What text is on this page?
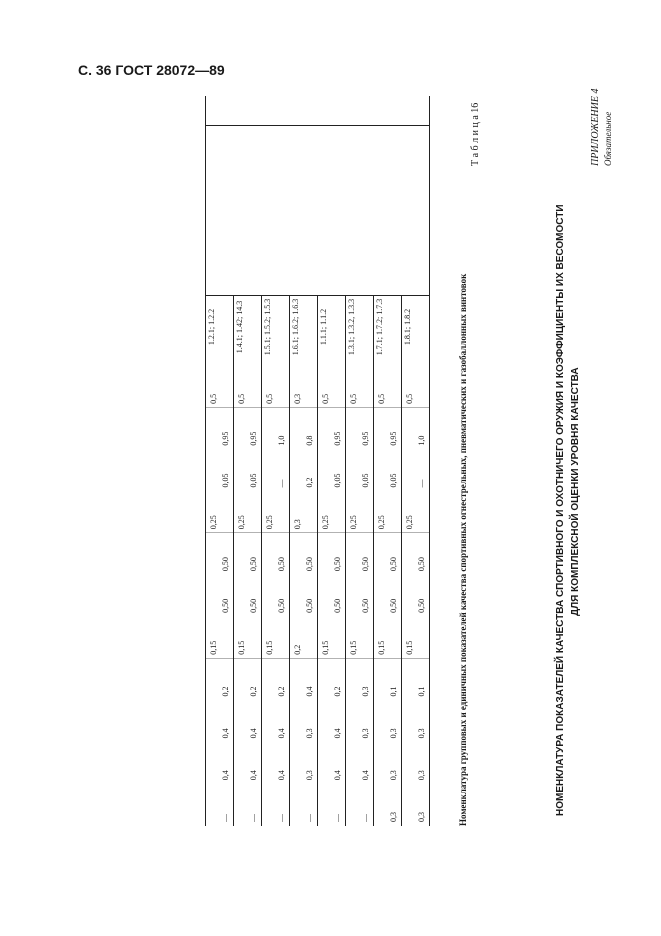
С. 36 ГОСТ 28072—89
ПРИЛОЖЕНИЕ 4 Обязательное
НОМЕНКЛАТУРА ПОКАЗАТЕЛЕЙ КАЧЕСТВА СПОРТИВНОГО И ОХОТНИЧЕГО ОРУЖИЯ И КОЭФФИЦИЕНТЫ ИХ ВЕСОМОСТИ ДЛЯ КОМПЛЕКСНОЙ ОЦЕНКИ УРОВНЯ КАЧЕСТВА
Т а б л и ц а 16
Номенклатура групповых и единичных показателей качества спортивных огнестрельных, пневматических и газобаллонных винтовок
1.2.1; 1.2.2 1.4.1; 1.42; 14.3 1.5.1; 1.5.2; 1.5.3 1.6.1; 1.6.2; 1.6.3 1.1.1; 1.1.2 1.3.1; 1.3.2, 1.3.3 1.7.1; 1.7.2; 1.7.3 1.8.1; 1.8.2
0,5 0,5 0,5 0,3 0,5 0,5 0,5 0,5
0,95 0,95 1,0 0,8 0,95 0,95 0,95 1,0
0,05 0,05 — 0,2 0,05 0,05 0,05 —
0,25 0,25 0,25 0,3 0,25 0,25 0,25 0,25
0,50 0,50 0,50 0,50 0,50 0,50 0,50 0,50
0,50 0,50 0,50 0,50 0,50 0,50 0,50 0,50
0,15 0,15 0,15 0,2 0,15 0,15 0,15 0,15
0,2 0,2 0,2 0,4 0,2 0,3 0,1 0,1
0,4 0,4 0,4 0,3 0,4 0,3 0,3 0,3
0,4 0,4 0,4 0,3 0,4 0,4 0,3 0,3
— — — — — — 0,3 0,3
